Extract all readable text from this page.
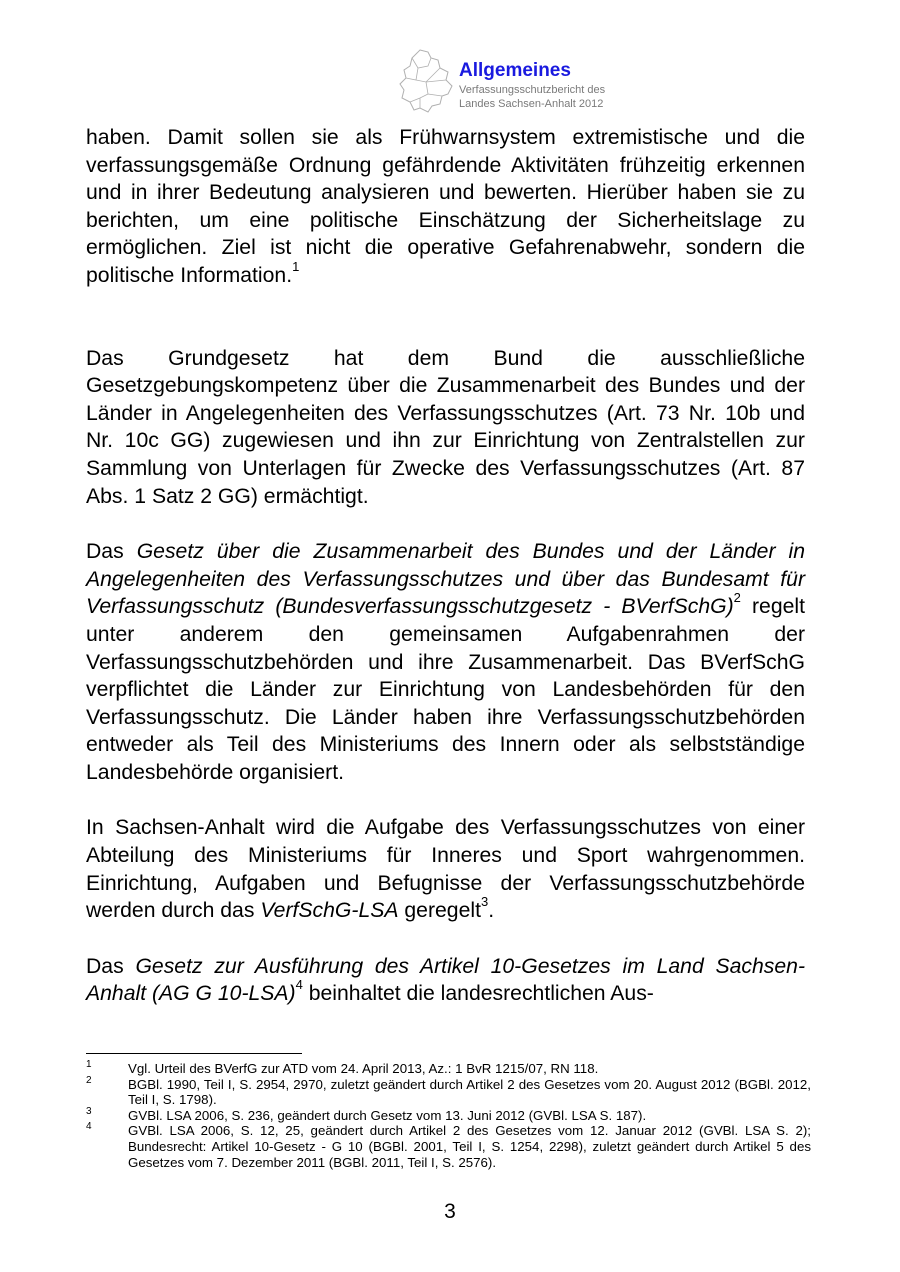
Allgemeines
Verfassungsschutzbericht des
Landes Sachsen-Anhalt 2012

haben. Damit sollen sie als Frühwarnsystem extremistische und die verfassungsgemäße Ordnung gefährdende Aktivitäten frühzeitig erkennen und in ihrer Bedeutung analysieren und bewerten. Hierüber haben sie zu berichten, um eine politische Einschätzung der Sicherheitslage zu ermöglichen. Ziel ist nicht die operative Gefahrenabwehr, sondern die politische Information.$^1$

Das Grundgesetz hat dem Bund die ausschließliche Gesetzgebungskompetenz über die Zusammenarbeit des Bundes und der Länder in Angelegenheiten des Verfassungsschutzes (Art. 73 Nr. 10b und Nr. 10c GG) zugewiesen und ihn zur Einrichtung von Zentralstellen zur Sammlung von Unterlagen für Zwecke des Verfassungsschutzes (Art. 87 Abs. 1 Satz 2 GG) ermächtigt.

Das Gesetz über die Zusammenarbeit des Bundes und der Länder in Angelegenheiten des Verfassungsschutzes und über das Bundesamt für Verfassungsschutz (Bundesverfassungsschutzgesetz - BVerfSchG)$^2$ regelt unter anderem den gemeinsamen Aufgabenrahmen der Verfassungsschutzbehörden und ihre Zusammenarbeit. Das BVerfSchG verpflichtet die Länder zur Einrichtung von Landesbehörden für den Verfassungsschutz. Die Länder haben ihre Verfassungsschutzbehörden entweder als Teil des Ministeriums des Innern oder als selbstständige Landesbehörde organisiert.

In Sachsen-Anhalt wird die Aufgabe des Verfassungsschutzes von einer Abteilung des Ministeriums für Inneres und Sport wahrgenommen. Einrichtung, Aufgaben und Befugnisse der Verfassungsschutzbehörde werden durch das VerfSchG-LSA geregelt$^3$.

Das Gesetz zur Ausführung des Artikel 10-Gesetzes im Land Sachsen-Anhalt (AG G 10-LSA)$^4$ beinhaltet die landesrechtlichen Aus-

1	Vgl. Urteil des BVerfG zur ATD vom 24. April 2013, Az.: 1 BvR 1215/07, RN 118.
2	BGBl. 1990, Teil I, S. 2954, 2970, zuletzt geändert durch Artikel 2 des Gesetzes vom 20. August 2012 (BGBl. 2012, Teil I, S. 1798).
3	GVBl. LSA 2006, S. 236, geändert durch Gesetz vom 13. Juni 2012 (GVBl. LSA S. 187).
4	GVBl. LSA 2006, S. 12, 25, geändert durch Artikel 2 des Gesetzes vom 12. Januar 2012 (GVBl. LSA S. 2); Bundesrecht: Artikel 10-Gesetz - G 10 (BGBl. 2001, Teil I, S. 1254, 2298), zuletzt geändert durch Artikel 5 des Gesetzes vom 7. Dezember 2011 (BGBl. 2011, Teil I, S. 2576).
3
